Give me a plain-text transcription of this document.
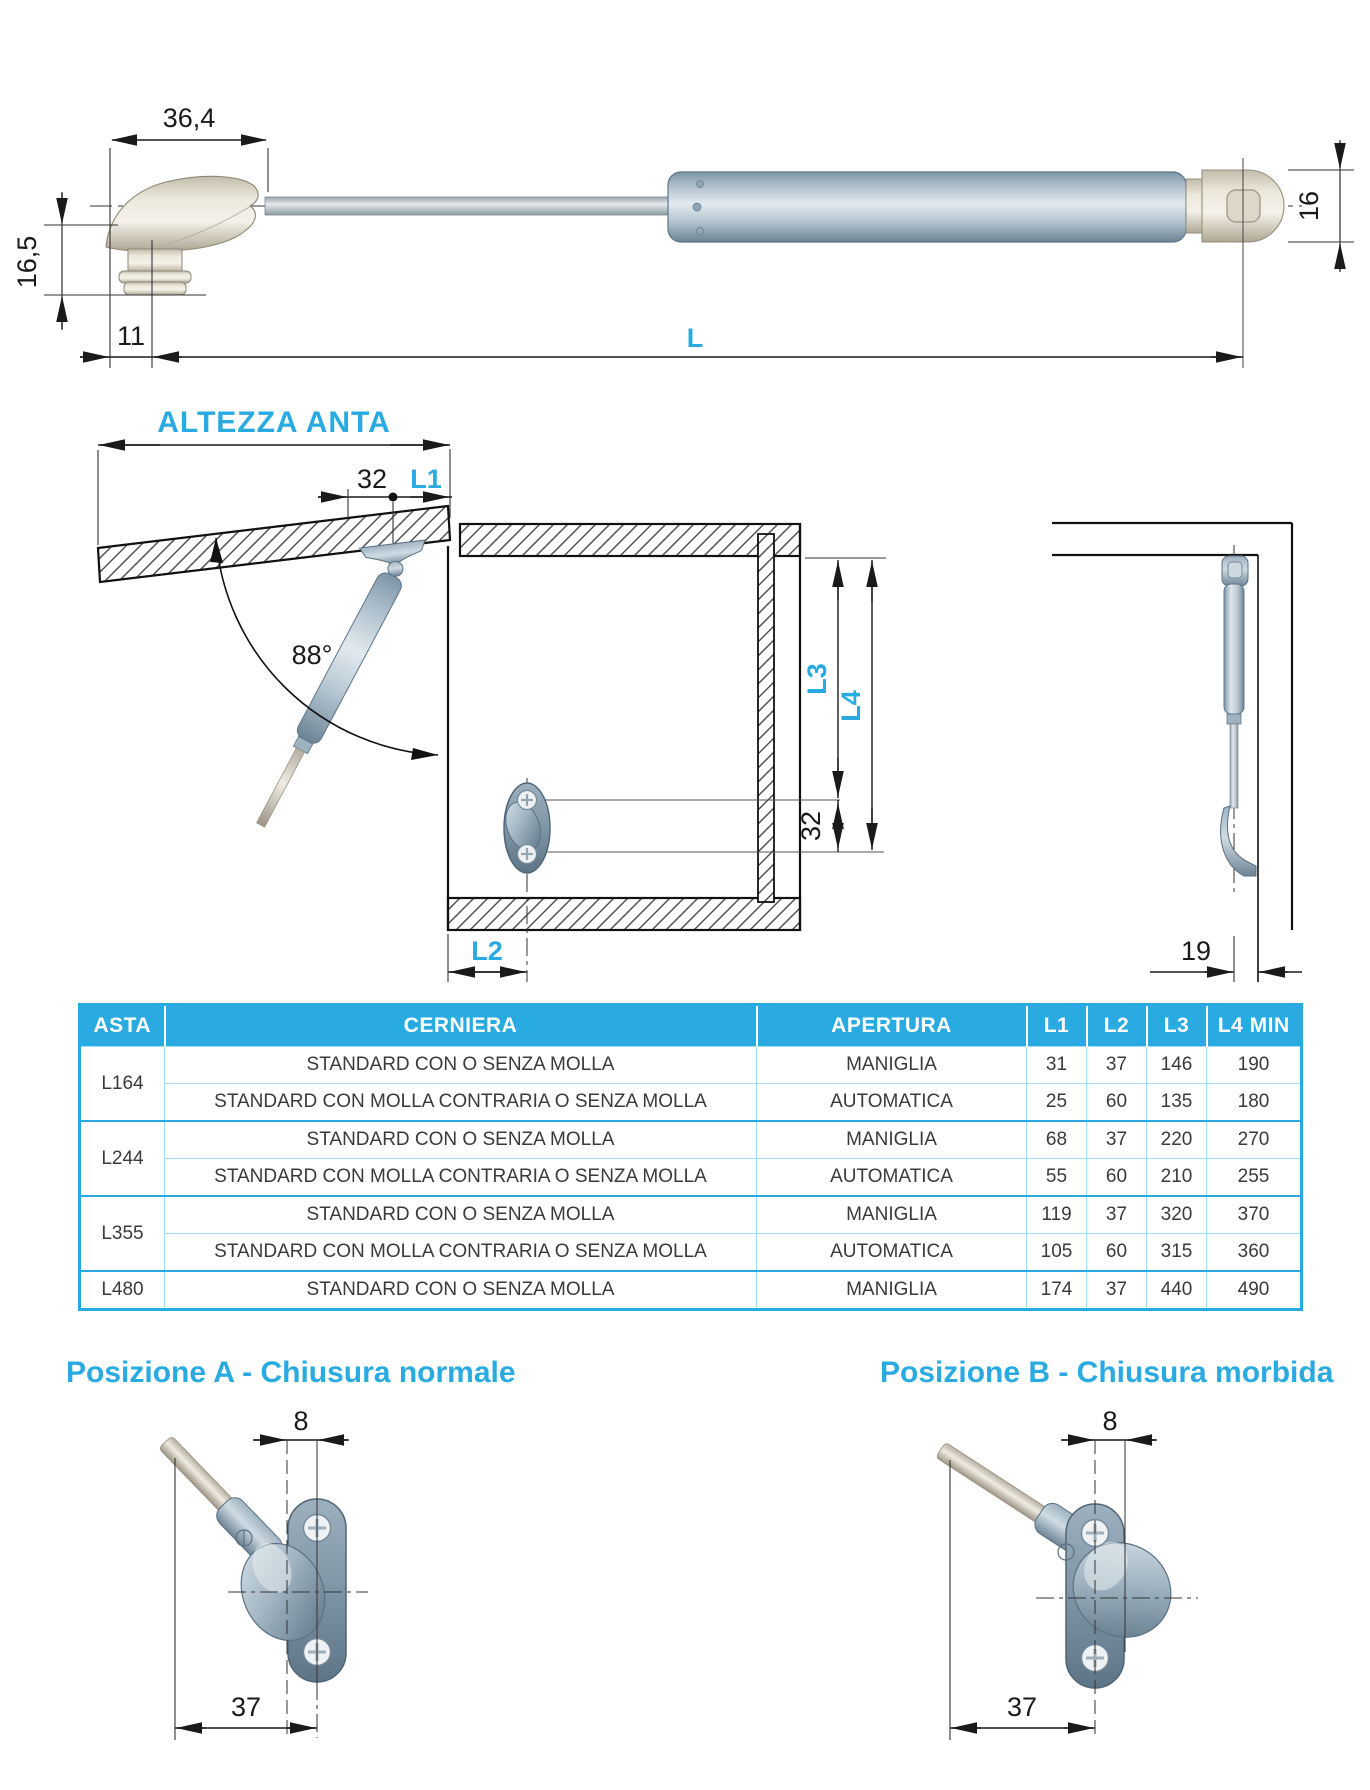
36,4
16,5
11	L
16
ALTEZZA ANTA
32 L1
88°
L3
L4
32
L2	19
8
37
8
37
ASTA	CERNIERA	APERTURA	L1	L2	L3	L4 MIN
L164	STANDARD CON O SENZA MOLLA	MANIGLIA	31	37	146	190
	STANDARD CON MOLLA CONTRARIA O SENZA MOLLA	AUTOMATICA	25	60	135	180
L244	STANDARD CON O SENZA MOLLA	MANIGLIA	68	37	220	270
	STANDARD CON MOLLA CONTRARIA O SENZA MOLLA	AUTOMATICA	55	60	210	255
L355	STANDARD CON O SENZA MOLLA	MANIGLIA	119	37	320	370
	STANDARD CON MOLLA CONTRARIA O SENZA MOLLA	AUTOMATICA	105	60	315	360
L480	STANDARD CON O SENZA MOLLA	MANIGLIA	174	37	440	490
Posizione A - Chiusura normale	Posizione B - Chiusura morbida
